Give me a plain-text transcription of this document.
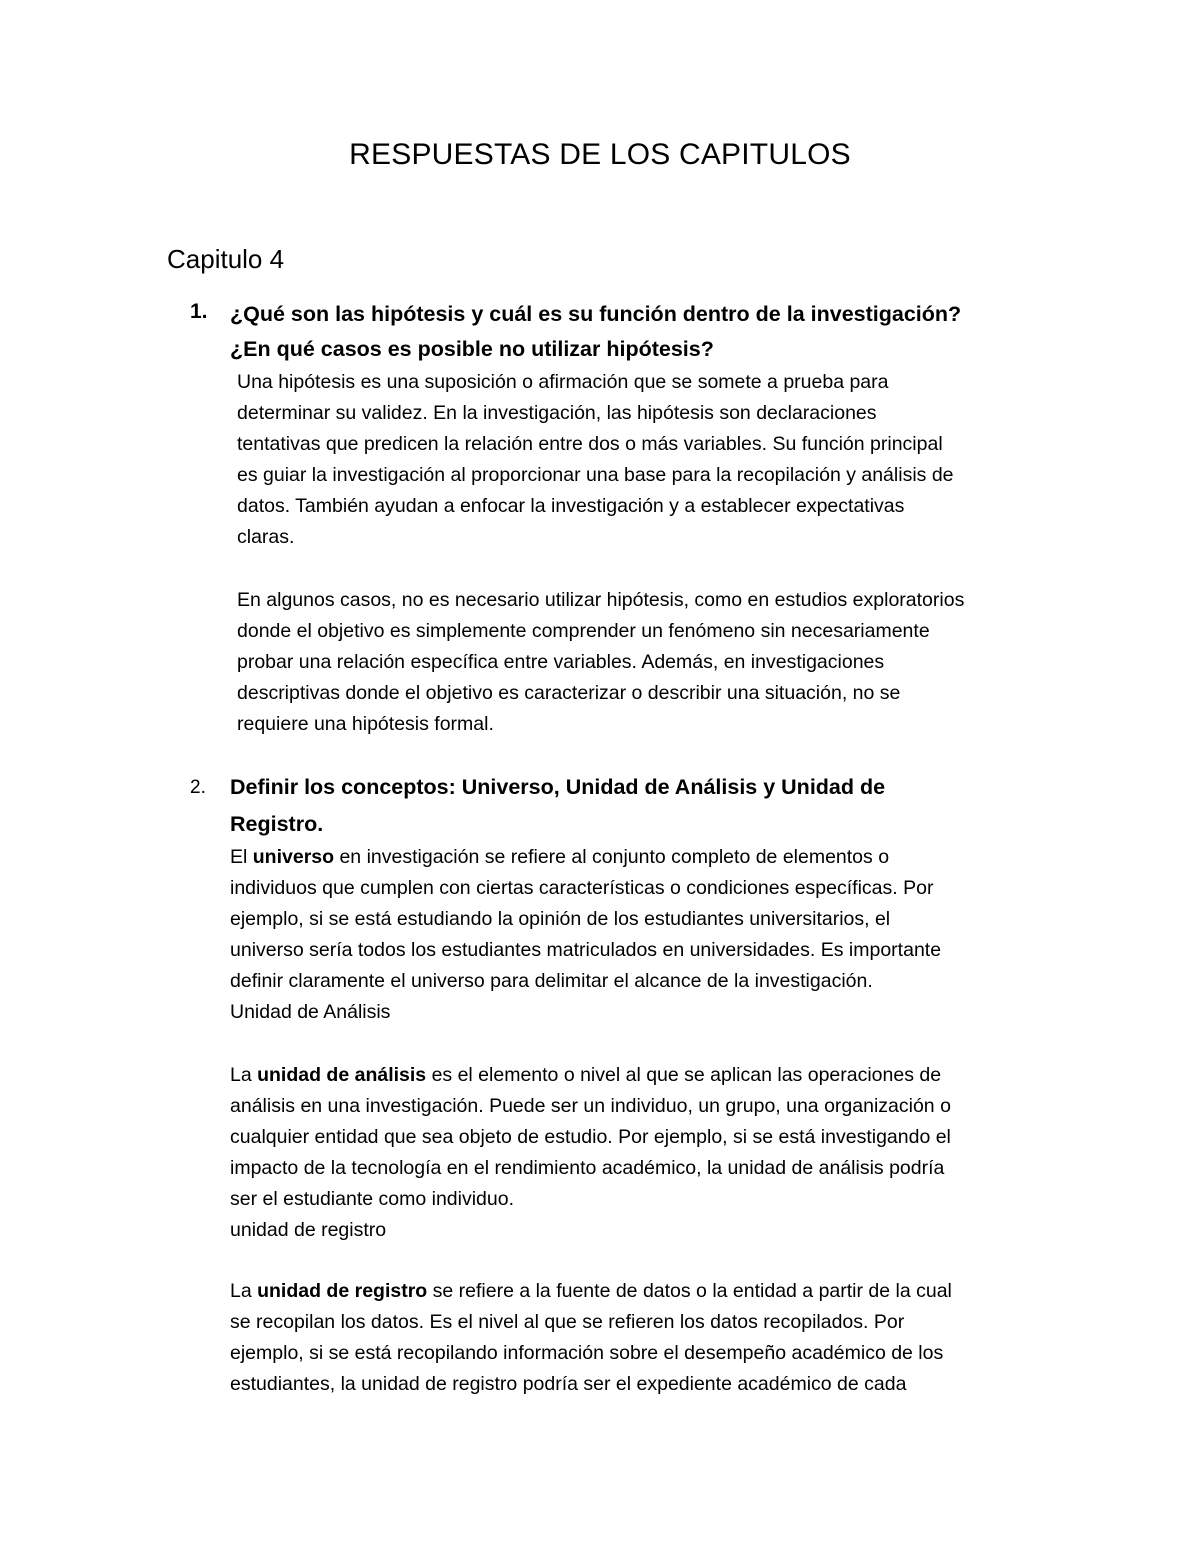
RESPUESTAS DE LOS CAPITULOS
Capitulo 4
1. ¿Qué son las hipótesis y cuál es su función dentro de la investigación?
¿En qué casos es posible no utilizar hipótesis?
Una hipótesis es una suposición o afirmación que se somete a prueba para
determinar su validez. En la investigación, las hipótesis son declaraciones
tentativas que predicen la relación entre dos o más variables. Su función principal
es guiar la investigación al proporcionar una base para la recopilación y análisis de
datos. También ayudan a enfocar la investigación y a establecer expectativas
claras.
En algunos casos, no es necesario utilizar hipótesis, como en estudios exploratorios
donde el objetivo es simplemente comprender un fenómeno sin necesariamente
probar una relación específica entre variables. Además, en investigaciones
descriptivas donde el objetivo es caracterizar o describir una situación, no se
requiere una hipótesis formal.
2. Definir los conceptos: Universo, Unidad de Análisis y Unidad de
Registro.
El universo en investigación se refiere al conjunto completo de elementos o
individuos que cumplen con ciertas características o condiciones específicas. Por
ejemplo, si se está estudiando la opinión de los estudiantes universitarios, el
universo sería todos los estudiantes matriculados en universidades. Es importante
definir claramente el universo para delimitar el alcance de la investigación.
Unidad de Análisis
La unidad de análisis es el elemento o nivel al que se aplican las operaciones de
análisis en una investigación. Puede ser un individuo, un grupo, una organización o
cualquier entidad que sea objeto de estudio. Por ejemplo, si se está investigando el
impacto de la tecnología en el rendimiento académico, la unidad de análisis podría
ser el estudiante como individuo.
unidad de registro
La unidad de registro se refiere a la fuente de datos o la entidad a partir de la cual
se recopilan los datos. Es el nivel al que se refieren los datos recopilados. Por
ejemplo, si se está recopilando información sobre el desempeño académico de los
estudiantes, la unidad de registro podría ser el expediente académico de cada
